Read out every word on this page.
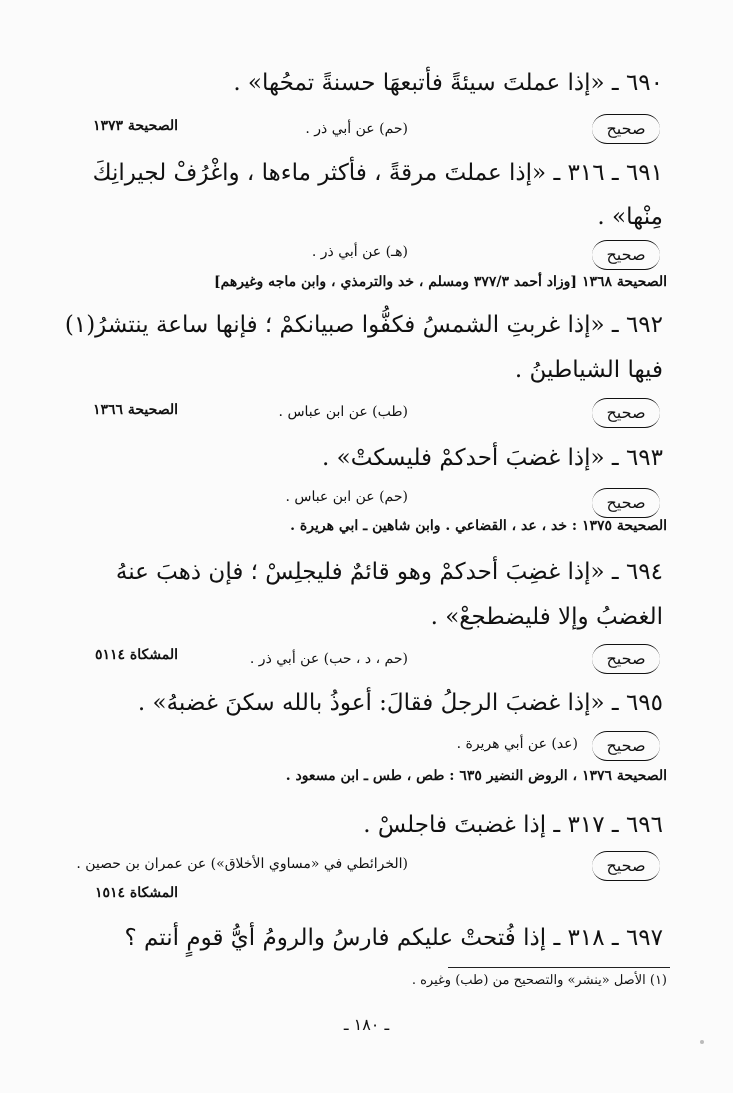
٦٩٠ ـ «إذا عملتَ سيئةً فأتبعهَا حسنةً تمحُها» .
صحيح
(حم) عن أبي ذر .
الصحيحة ١٣٧٣
٦٩١ ـ ٣١٦ ـ «إذا عملتَ مرقةً ، فأكثر ماءها ، واغْرُفْ لجيرانِكَ
مِنْها» .
صحيح
(هـ) عن أبي ذر .
الصحيحة ١٣٦٨ [وزاد أحمد ٣٧٧/٣ ومسلم ، خد والترمذي ، وابن ماجه وغيرهم]
٦٩٢ ـ «إذا غربتِ الشمسُ فكفُّوا صبيانكمْ ؛ فإنها ساعة ينتشرُ(١)
فيها الشياطينُ .
صحيح
(طب) عن ابن عباس .
الصحيحة ١٣٦٦
٦٩٣ ـ «إذا غضبَ أحدكمْ فليسكتْ» .
صحيح
(حم) عن ابن عباس .
الصحيحة ١٣٧٥ : خد ، عد ، القضاعي . وابن شاهين ـ ابي هريرة .
٦٩٤ ـ «إذا غضِبَ أحدكمْ وهو قائمٌ فليجلِسْ ؛ فإن ذهبَ عنهُ
الغضبُ وإلا فليضطجعْ» .
صحيح
(حم ، د ، حب) عن أبي ذر .
المشكاة ٥١١٤
٦٩٥ ـ «إذا غضبَ الرجلُ فقالَ: أعوذُ بالله سكنَ غضبهُ» .
صحيح
(عد) عن أبي هريرة .
الصحيحة ١٣٧٦ ، الروض النضير ٦٣٥ : طص ، طس ـ ابن مسعود .
٦٩٦ ـ ٣١٧ ـ إذا غضبتَ فاجلسْ .
صحيح
(الخرائطي في «مساوي الأخلاق») عن عمران بن حصين .
المشكاة ١٥١٤
٦٩٧ ـ ٣١٨ ـ إذا فُتحتْ عليكم فارسُ والرومُ أيُّ قومٍ أنتم ؟
(١) الأصل «ينشر» والتصحيح من (طب) وغيره .
ـ ١٨٠ ـ
